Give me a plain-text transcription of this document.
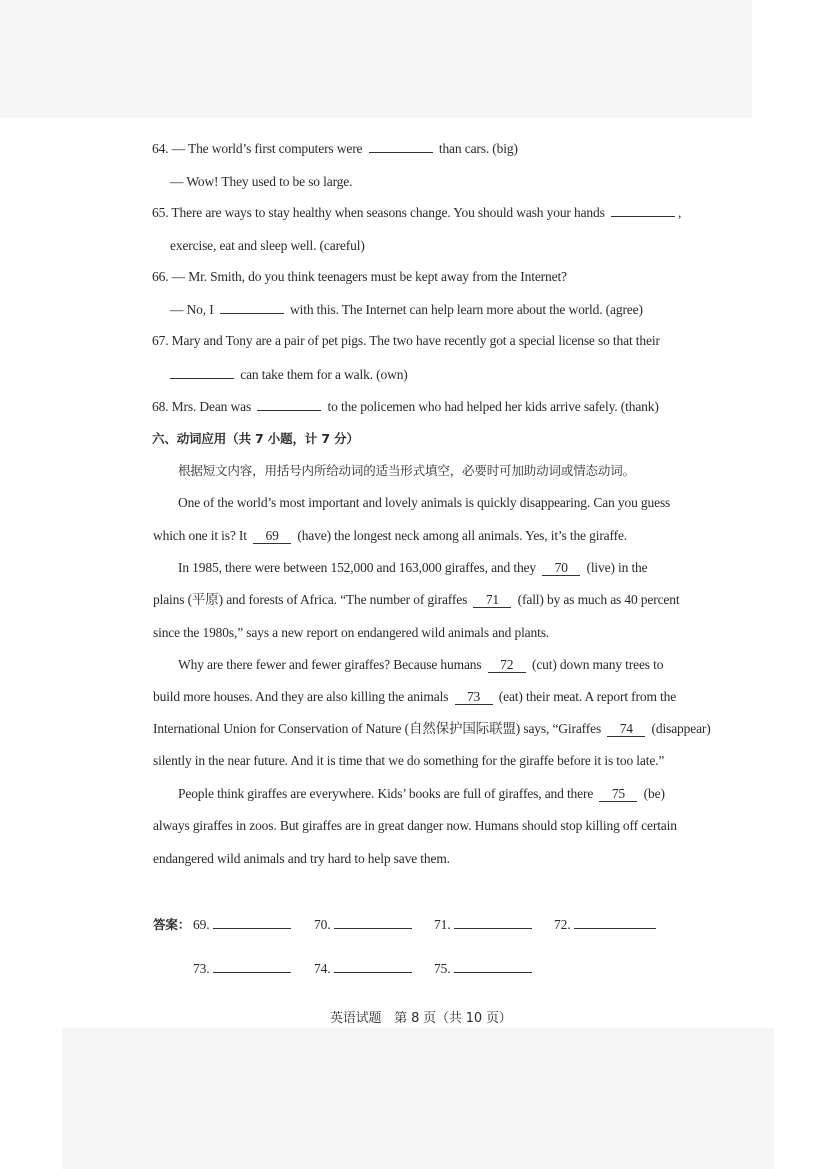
64. — The world’s first computers were	than cars. (big)
— Wow! They used to be so large.
65. There are ways to stay healthy when seasons change. You should wash your hands	,
exercise, eat and sleep well. (careful)
66. — Mr. Smith, do you think teenagers must be kept away from the Internet?
— No, I	with this. The Internet can help learn more about the world. (agree)
67. Mary and Tony are a pair of pet pigs. The two have recently got a special license so that their
can take them for a walk. (own)
68. Mrs. Dean was	to the policemen who had helped her kids arrive safely. (thank)
六、动词应用（共 7 小题，计 7 分）
根据短文内容，用括号内所给动词的适当形式填空，必要时可加助动词或情态动词。
One of the world’s most important and lovely animals is quickly disappearing. Can you guess
which one it is? It 69 (have) the longest neck among all animals. Yes, it’s the giraffe.
In 1985, there were between 152,000 and 163,000 giraffes, and they 70 (live) in the
plains (平原) and forests of Africa. “The number of giraffes 71 (fall) by as much as 40 percent
since the 1980s,” says a new report on endangered wild animals and plants.
Why are there fewer and fewer giraffes? Because humans 72 (cut) down many trees to
build more houses. And they are also killing the animals 73 (eat) their meat. A report from the
International Union for Conservation of Nature (自然保护国际联盟) says, “Giraffes 74 (disappear)
silently in the near future. And it is time that we do something for the giraffe before it is too late.”
People think giraffes are everywhere. Kids’ books are full of giraffes, and there 75 (be)
always giraffes in zoos. But giraffes are in great danger now. Humans should stop killing off certain
endangered wild animals and try hard to help save them.
答案： 69.	70.	71.	72.
73.	74.	75.
英语试题　第 8 页（共 10 页）
